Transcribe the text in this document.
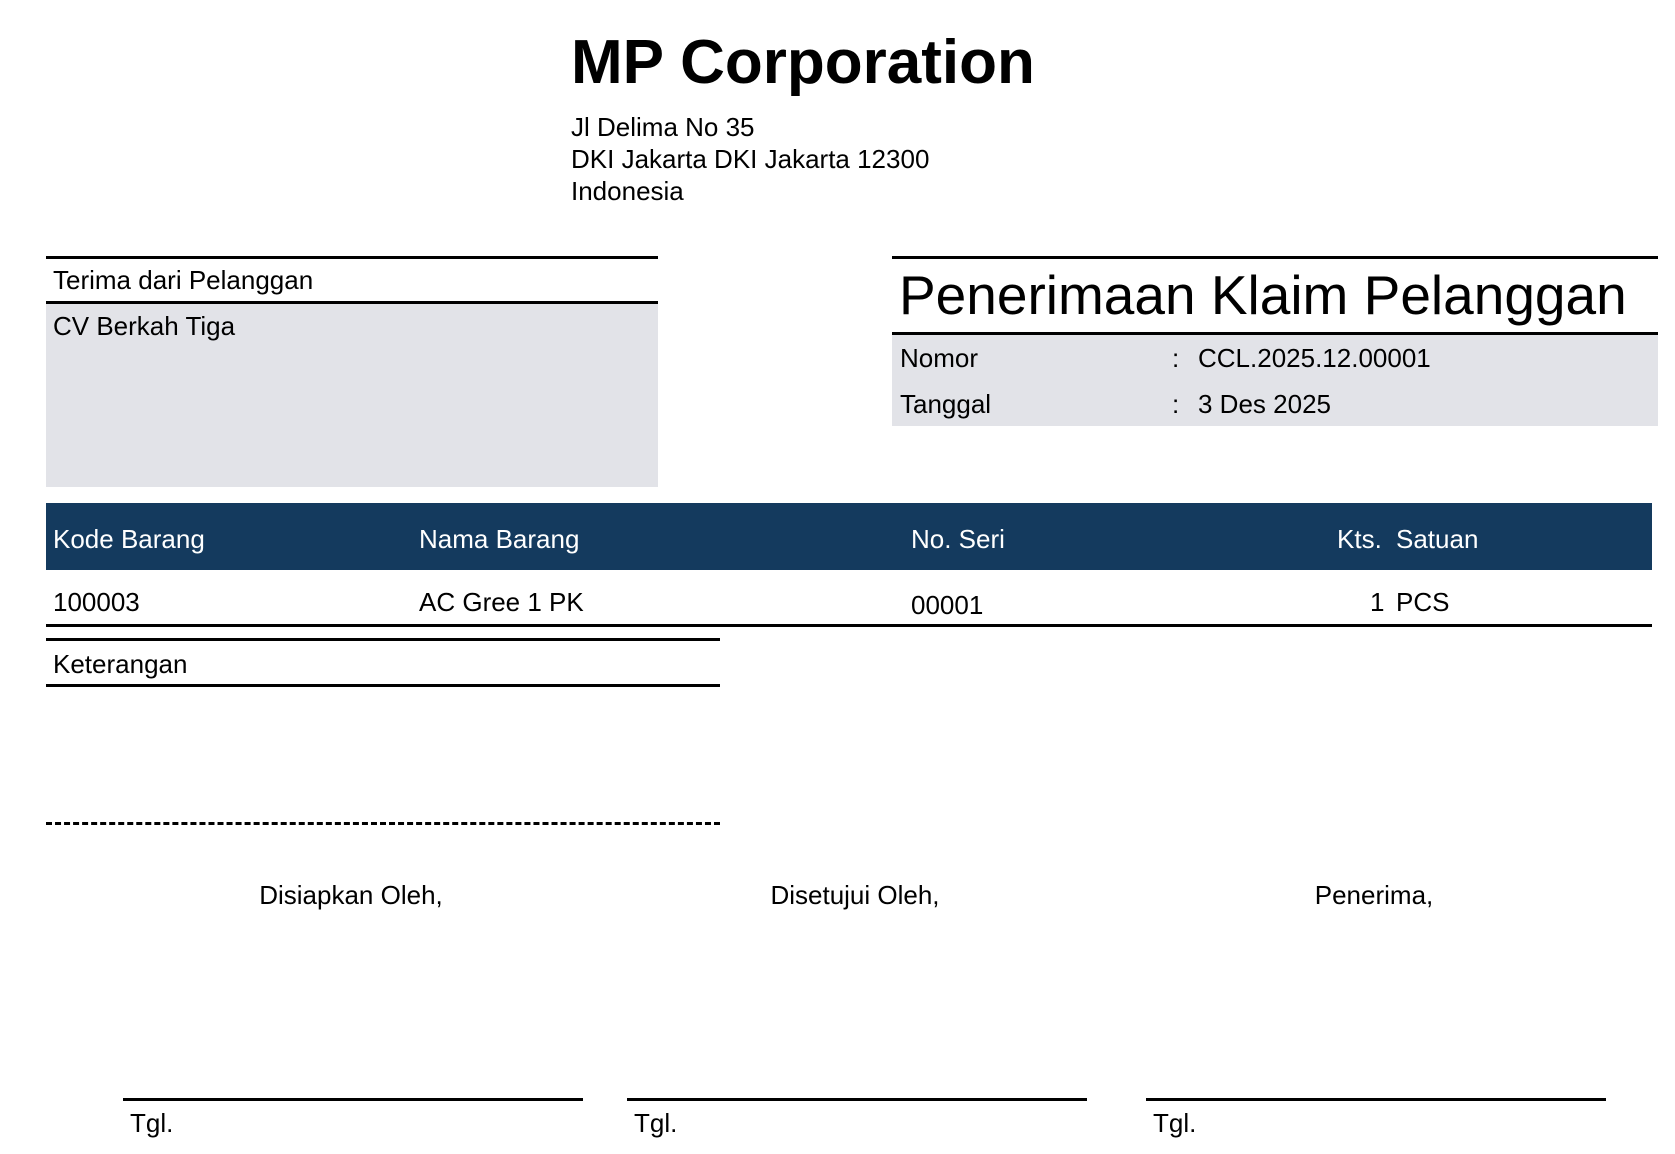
MP Corporation
Jl Delima No 35
DKI Jakarta DKI Jakarta 12300
Indonesia
Terima dari Pelanggan
CV Berkah Tiga	Penerimaan Klaim Pelanggan
Nomor	: CCL.2025.12.00001
Tanggal	: 3 Des 2025
Kode Barang	Nama Barang	No. Seri	Kts. Satuan
100003	AC Gree 1 PK	00001	1 PCS
Keterangan
Disiapkan Oleh,	Disetujui Oleh,	Penerima,
Tgl.	Tgl.	Tgl.
